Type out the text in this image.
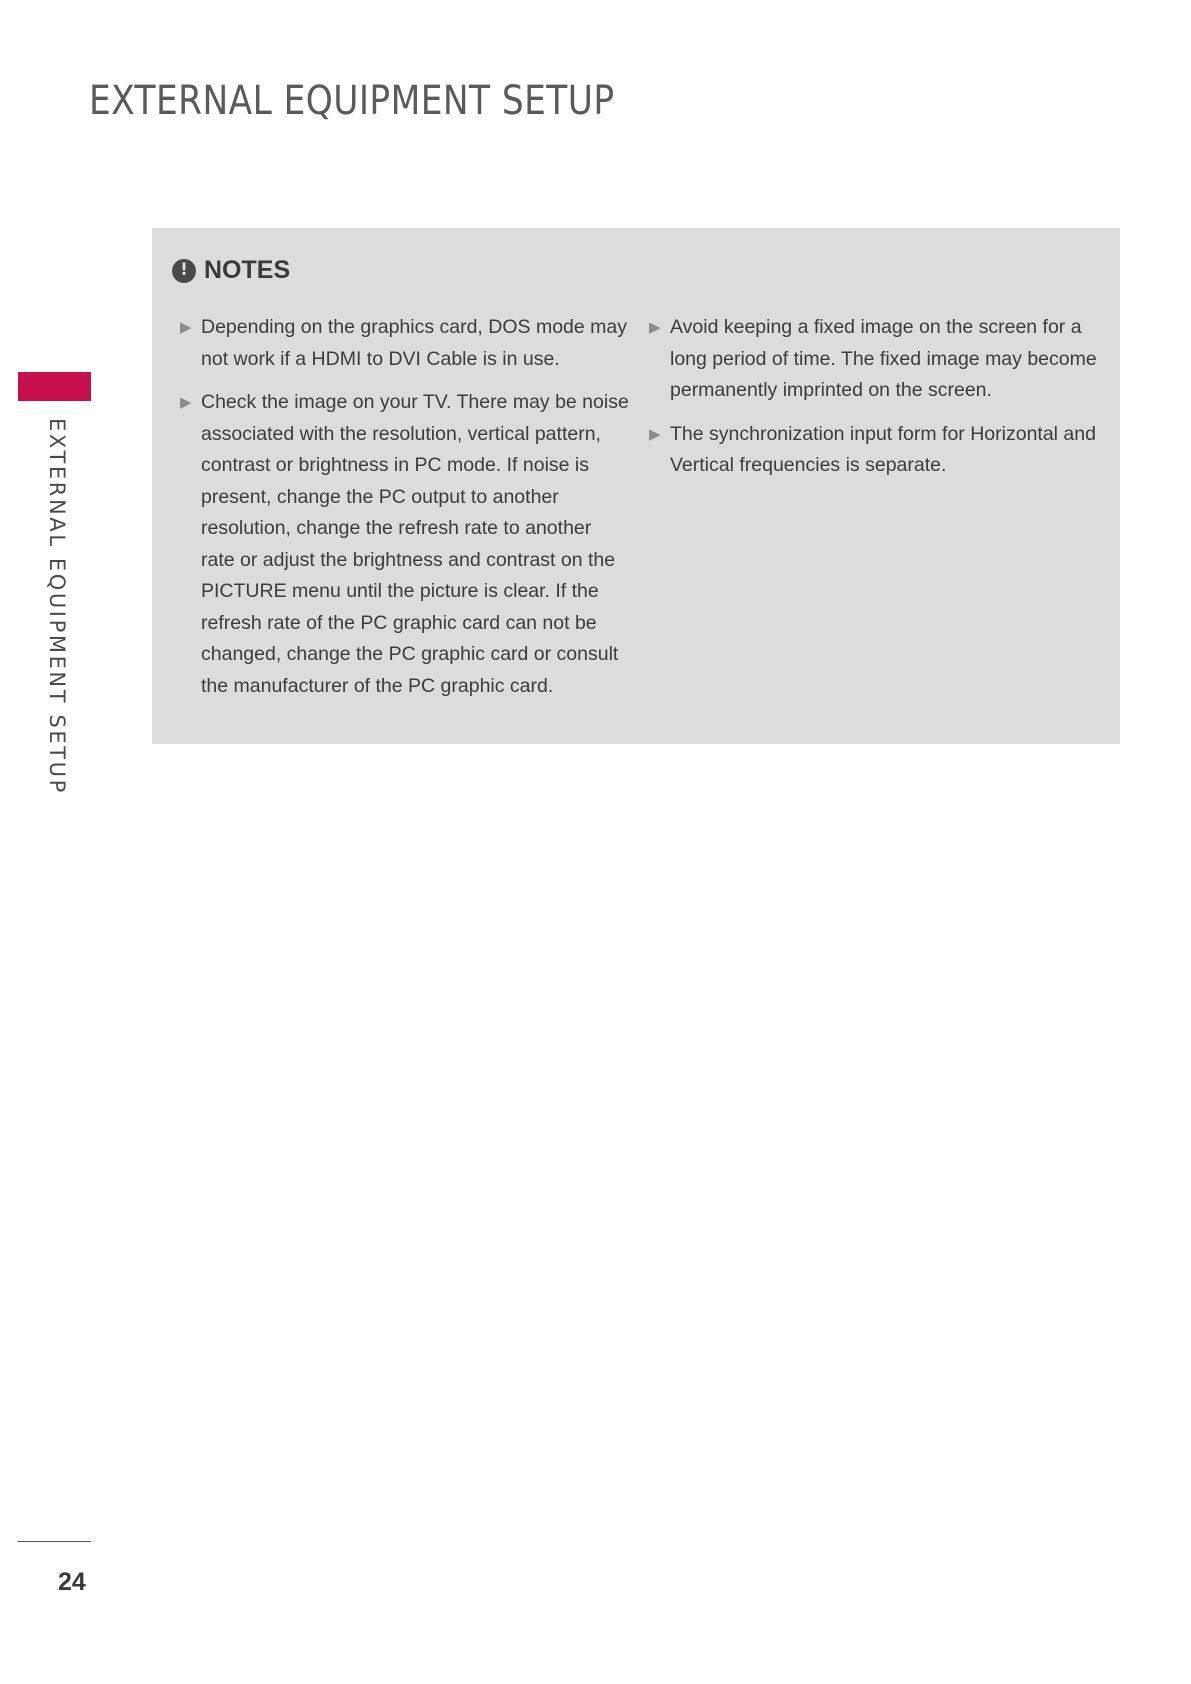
EXTERNAL EQUIPMENT SETUP
EXTERNAL EQUIPMENT SETUP
! NOTES
▶ Depending on the graphics card, DOS mode may not work if a HDMI to DVI Cable is in use.
▶ Check the image on your TV. There may be noise associated with the resolution, vertical pattern, contrast or brightness in PC mode. If noise is present, change the PC output to another resolution, change the refresh rate to another rate or adjust the brightness and contrast on the PICTURE menu until the picture is clear. If the refresh rate of the PC graphic card can not be changed, change the PC graphic card or consult the manufacturer of the PC graphic card.
▶ Avoid keeping a fixed image on the screen for a long period of time. The fixed image may become permanently imprinted on the screen.
▶ The synchronization input form for Horizontal and Vertical frequencies is separate.
24
